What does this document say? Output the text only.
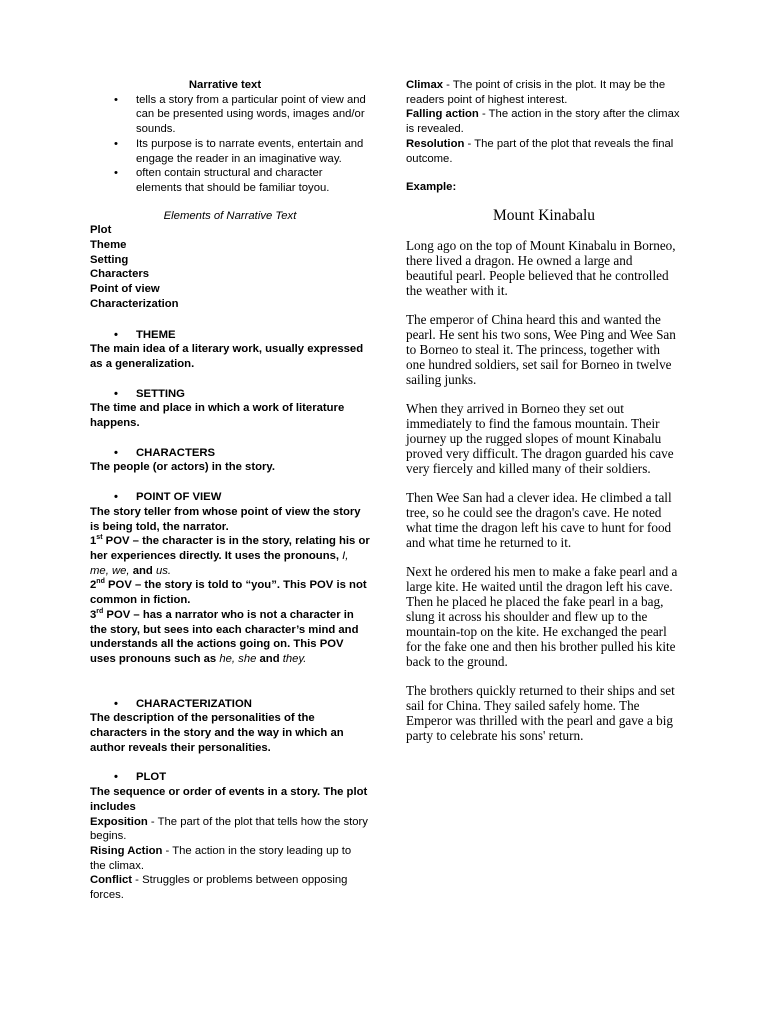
Narrative text
• tells a story from a particular point of view and can be presented using words, images and/or sounds.
• Its purpose is to narrate events, entertain and engage the reader in an imaginative way.
• often contain structural and character elements that should be familiar toyou.
Elements of Narrative Text
Plot
Theme
Setting
Characters
Point of view
Characterization
• THEME
The main idea of a literary work, usually expressed as a generalization.
• SETTING
The time and place in which a work of literature happens.
• CHARACTERS
The people (or actors) in the story.
• POINT OF VIEW
The story teller from whose point of view the story is being told, the narrator.
1st POV – the character is in the story, relating his or her experiences directly. It uses the pronouns, I, me, we, and us.
2nd POV – the story is told to “you”. This POV is not common in fiction.
3rd POV – has a narrator who is not a character in the story, but sees into each character’s mind and understands all the actions going on. This POV uses pronouns such as he, she and they.
• CHARACTERIZATION
The description of the personalities of the characters in the story and the way in which an author reveals their personalities.
• PLOT
The sequence or order of events in a story. The plot includes
Exposition - The part of the plot that tells how the story begins.
Rising Action - The action in the story leading up to the climax.
Conflict - Struggles or problems between opposing forces.
Climax - The point of crisis in the plot. It may be the readers point of highest interest.
Falling action - The action in the story after the climax is revealed.
Resolution - The part of the plot that reveals the final outcome.
Example:
Mount Kinabalu

Long ago on the top of Mount Kinabalu in Borneo, there lived a dragon. He owned a large and beautiful pearl. People believed that he controlled the weather with it.

The emperor of China heard this and wanted the pearl. He sent his two sons, Wee Ping and Wee San to Borneo to steal it. The princess, together with one hundred soldiers, set sail for Borneo in twelve sailing junks.

When they arrived in Borneo they set out immediately to find the famous mountain. Their journey up the rugged slopes of mount Kinabalu proved very difficult. The dragon guarded his cave very fiercely and killed many of their soldiers.

Then Wee San had a clever idea. He climbed a tall tree, so he could see the dragon's cave. He noted what time the dragon left his cave to hunt for food and what time he returned to it.

Next he ordered his men to make a fake pearl and a large kite. He waited until the dragon left his cave. Then he placed he placed the fake pearl in a bag, slung it across his shoulder and flew up to the mountain-top on the kite. He exchanged the pearl for the fake one and then his brother pulled his kite back to the ground.

The brothers quickly returned to their ships and set sail for China. They sailed safely home. The Emperor was thrilled with the pearl and gave a big party to celebrate his sons' return.
